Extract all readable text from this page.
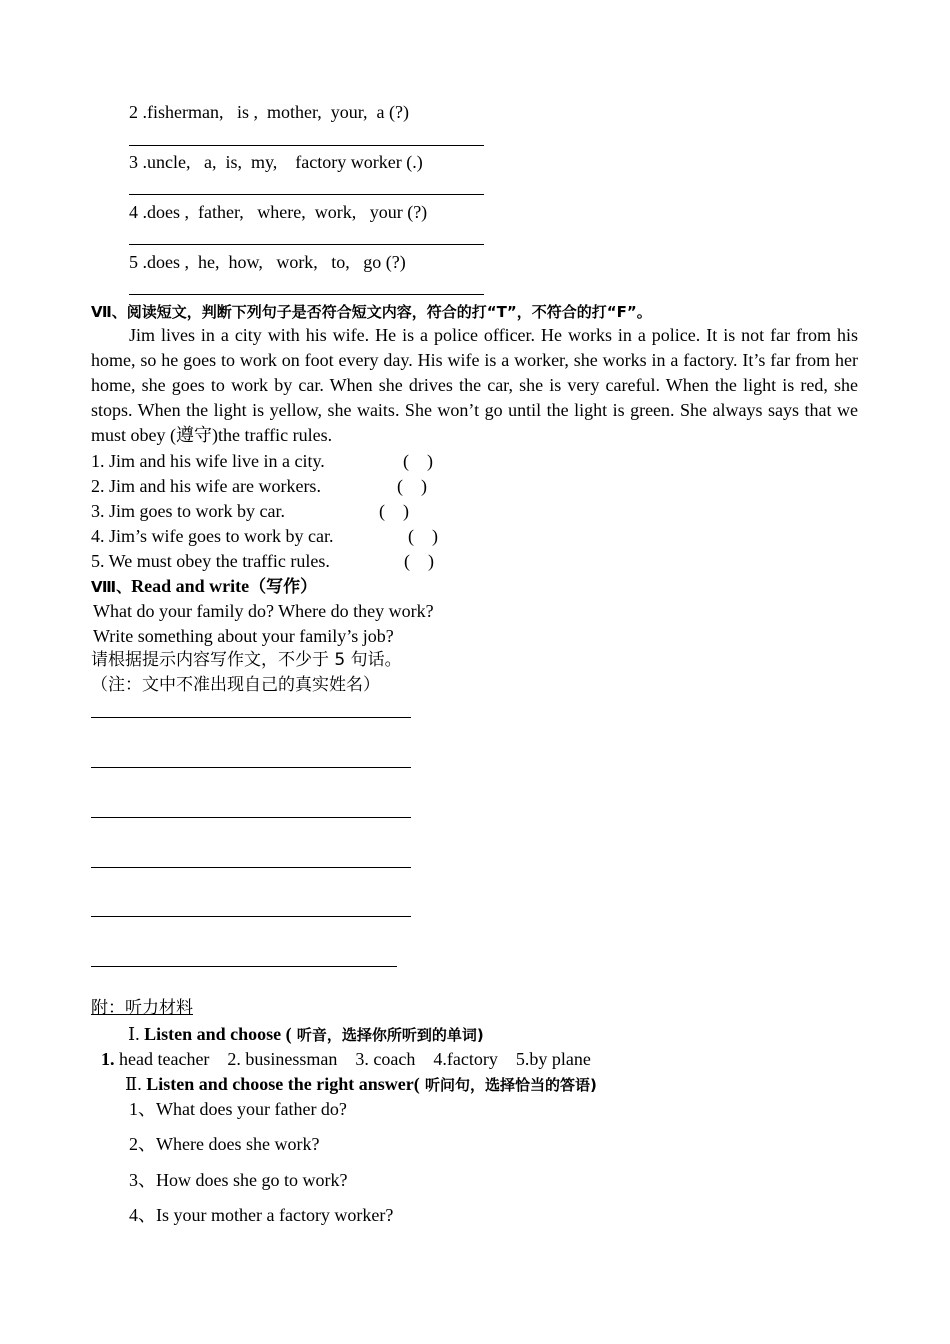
2 .fisherman,   is ,  mother,  your,  a (?)
3 .uncle,   a,  is,  my,    factory worker (.)
4 .does ,  father,   where,  work,   your (?)
5 .does ,  he,  how,   work,   to,   go (?)
Ⅶ、阅读短文，判断下列句子是否符合短文内容，符合的打“T”，不符合的打“F”。
Jim lives in a city with his wife. He is a police officer. He works in a police. It is not far from his home, so he goes to work on foot every day. His wife is a worker, she works in a factory. It’s far from her home, she goes to work by car. When she drives the car, she is very careful. When the light is red, she stops. When the light is yellow, she waits. She won’t go until the light is green. She always says that we must obey (遵守)the traffic rules.
1. Jim and his wife live in a city.	(    )
2. Jim and his wife are workers.	(    )
3. Jim goes to work by car.	(    )
4. Jim’s wife goes to work by car.	(    )
5. We must obey the traffic rules.	(    )
Ⅷ、Read and write（写作）
What do your family do? Where do they work?
Write something about your family’s job?
请根据提示内容写作文，不少于 5 句话。
（注：文中不准出现自己的真实姓名）
附：听力材料
Ⅰ. Listen and choose ( 听音，选择你所听到的单词)
1. head teacher    2. businessman    3. coach    4.factory    5.by plane
Ⅱ. Listen and choose the right answer( 听问句，选择恰当的答语)
1、What does your father do?
2、Where does she work?
3、How does she go to work?
4、Is your mother a factory worker?
